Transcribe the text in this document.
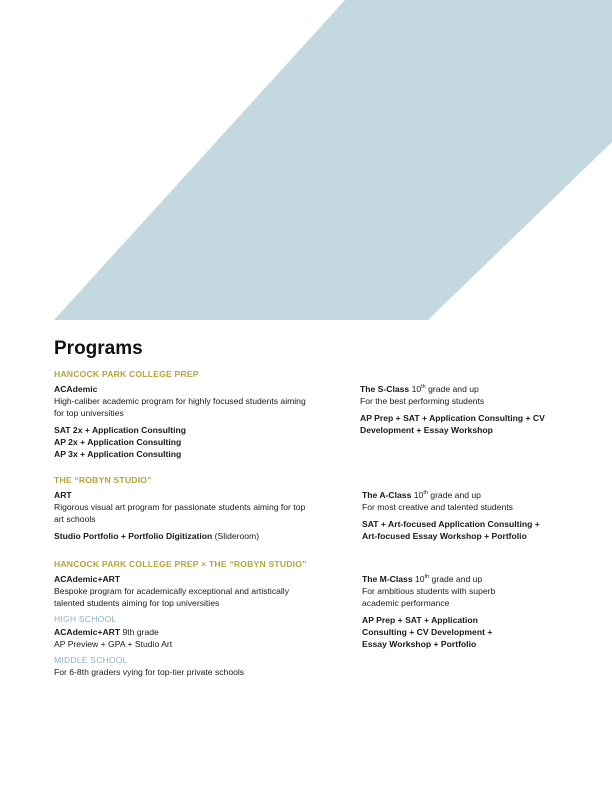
Programs
HANCOCK PARK COLLEGE PREP
ACAdemic
High-caliber academic program for highly focused students aiming
for top universities
SAT 2x + Application Consulting
AP 2x + Application Consulting
AP 3x + Application Consulting
The S-Class 10th grade and up
For the best performing students
AP Prep + SAT + Application Consulting + CV
Development + Essay Workshop
THE “ROBYN STUDIO”
ART
Rigorous visual art program for passionate students aiming for top
art schools
Studio Portfolio + Portfolio Digitization (Slideroom)
The A-Class 10th grade and up
For most creative and talented students
SAT + Art-focused Application Consulting +
Art-focused Essay Workshop + Portfolio
HANCOCK PARK COLLEGE PREP × THE “ROBYN STUDIO”
ACAdemic+ART
Bespoke program for academically exceptional and artistically
talented students aiming for top universities
HIGH SCHOOL
ACAdemic+ART 9th grade
AP Preview + GPA + Studio Art
MIDDLE SCHOOL
For 6-8th graders vying for top-tier private schools
The M-Class 10th grade and up
For ambitious students with superb
academic performance
AP Prep + SAT + Application
Consulting + CV Development +
Essay Workshop + Portfolio
